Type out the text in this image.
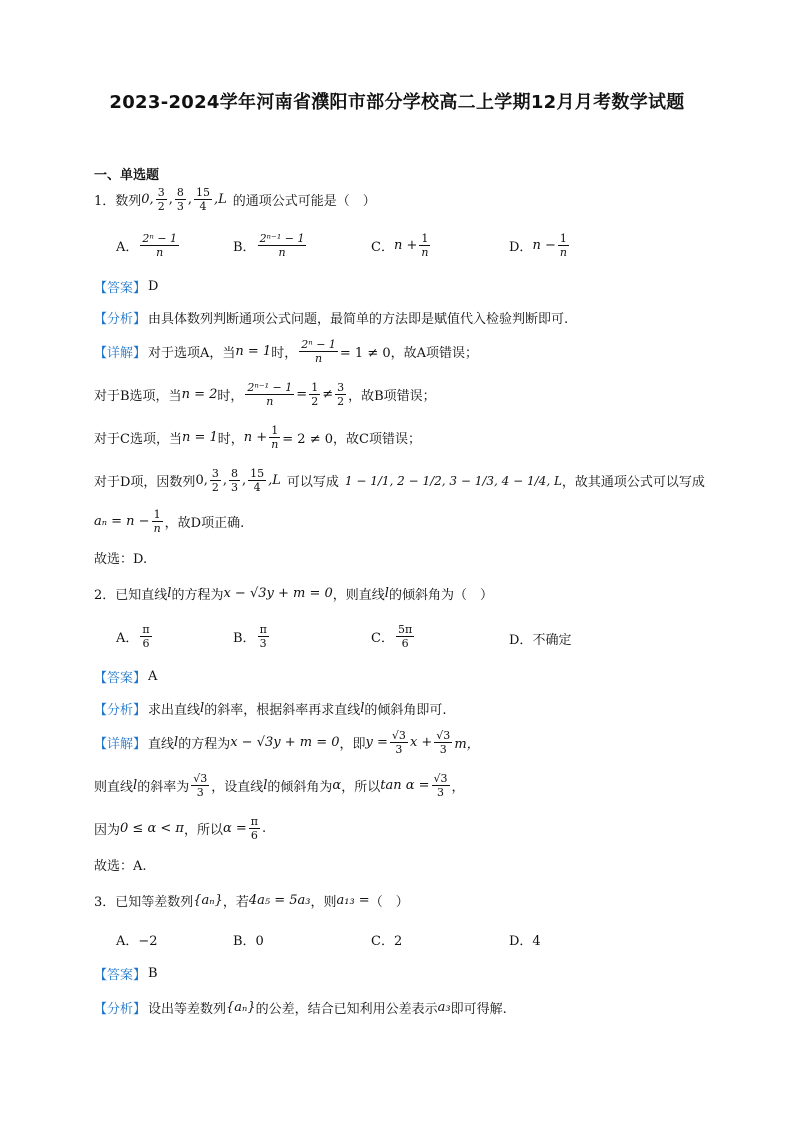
2023-2024学年河南省濮阳市部分学校高二上学期12月月考数学试题
一、单选题
1．数列 0, $\frac{3}{2}$ , $\frac{8}{3}$ , $\frac{15}{4} ,L$ 的通项公式可能是（　）
A． $\frac{\text{2ⁿ − 1}}{n}$	B． $\frac{\text{2ⁿ⁻¹ − 1}}{n}$	C． $n + \frac{1}{n}$	D． $n - \frac{1}{n}$
【答案】 D
【分析】 由具体数列判断通项公式问题，最简单的方法即是赋值代入检验判断即可.
【详解】 对于选项A，当 n = 1 时， $\frac{\text{2ⁿ − 1}}{n} = 1 \ne 0$，故A项错误；
对于B选项，当 n = 2 时， $\frac{\text{2ⁿ⁻¹ − 1}}{n} = \frac{1}{2} \ne \frac{3}{2}$ ，故B项错误；
对于C选项，当 n = 1 时， $n + \frac{1}{n} = 2 \ne 0$，故C项错误；
对于D项，因数列 0, $\frac{3}{2}$ , $\frac{8}{3}$ , $\frac{15}{4} ,L$ 可以写成 1 − 1/1, 2 − 1/2, 3 − 1/3, 4 − 1/4, L ，故其通项公式可以写成
$a_n = n - \frac{1}{n}$ ，故D项正确.
故选：D.
2．已知直线 l 的方程为 x − √3y + m = 0 ，则直线 l 的倾斜角为（　）
A． $\frac{\pi}{6}$	B． $\frac{\pi}{3}$	C． $\frac{5\pi}{6}$	D． 不确定
【答案】 A
【分析】 求出直线 l 的斜率，根据斜率再求直线 l 的倾斜角即可.
【详解】 直线 l 的方程为 x − √3y + m = 0 ，即 $y = \frac{√3}{3}$ $x + \frac{√3}{3}$ m，
则直线 l 的斜率为 $\frac{√3}{3}$ ，设直线 l 的倾斜角为 α ，所以 $\tan \alpha = \frac{√3}{3}$ ，
因为 0 ≤ α < π ，所以 $\alpha = \frac{\pi}{6}$ .
故选：A.
3．已知等差数列 {aₙ} ，若 4a₅ = 5a₃ ，则 a₁₃ = （　）
A．−2	B．0	C．2	D．4
【答案】 B
【分析】 设出等差数列 {aₙ} 的公差，结合已知利用公差表示 a₃ 即可得解.
